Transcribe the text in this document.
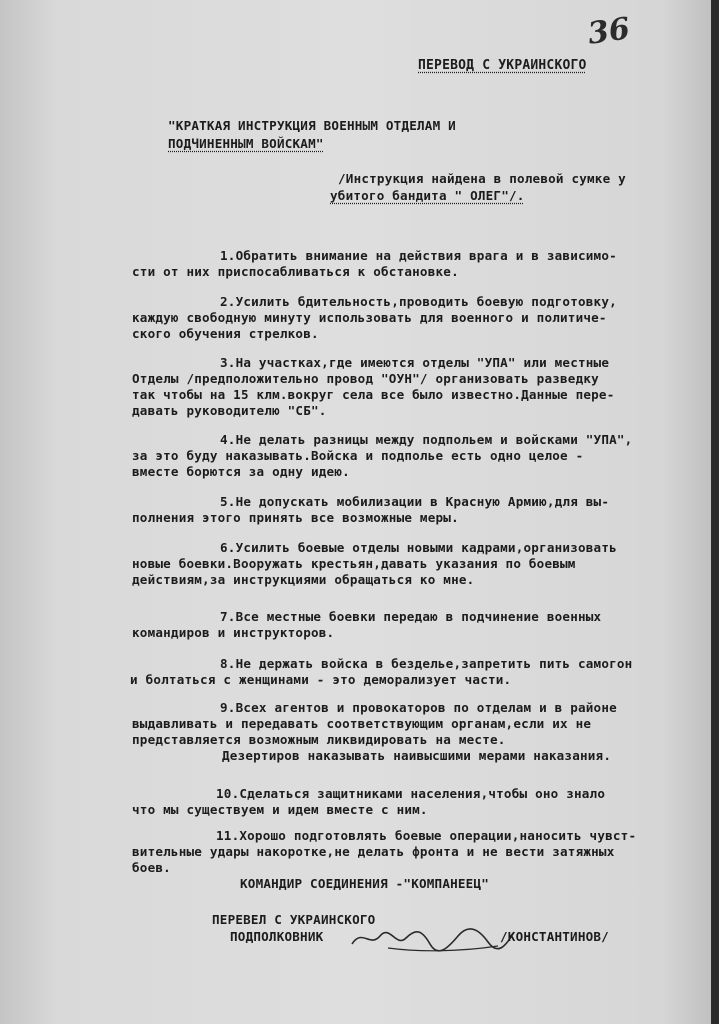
36
ПЕРЕВОД С УКРАИНСКОГО
"КРАТКАЯ ИНСТРУКЦИЯ ВОЕННЫМ ОТДЕЛАМ И
ПОДЧИНЕННЫМ ВОЙСКАМ"
/Инструкция найдена в полевой сумке у
убитого бандита " ОЛЕГ"/.
1.Обратить внимание на действия врага и в зависимо-
сти от них приспосабливаться к обстановке.
2.Усилить бдительность,проводить боевую подготовку,
каждую свободную минуту использовать для военного и политиче-
ского обучения стрелков.
3.На участках,где имеются отделы "УПА" или местные
Отделы /предположительно провод "ОУН"/ организовать разведку
так чтобы на 15 клм.вокруг села все было известно.Данные пере-
давать руководителю "СБ".
4.Не делать разницы между подпольем и войсками "УПА",
за это буду наказывать.Войска и подполье есть одно целое -
вместе борются за одну идею.
5.Не допускать мобилизации в Красную Армию,для вы-
полнения этого принять все возможные меры.
6.Усилить боевые отделы новыми кадрами,организовать
новые боевки.Вооружать крестьян,давать указания по боевым
действиям,за инструкциями обращаться ко мне.
7.Все местные боевки передаю в подчинение военных
командиров и инструкторов.
8.Не держать войска в безделье,запретить пить самогон
и болтаться с женщинами - это деморализует части.
9.Всех агентов и провокаторов по отделам и в районе
выдавливать и передавать соответствующим органам,если их не
представляется возможным ликвидировать на месте.
Дезертиров наказывать наивысшими мерами наказания.
10.Сделаться защитниками населения,чтобы оно знало
что мы существуем и идем вместе с ним.
11.Хорошо подготовлять боевые операции,наносить чувст-
вительные удары накоротке,не делать фронта и не вести затяжных
боев.
КОМАНДИР СОЕДИНЕНИЯ -"КОМПАНЕЕЦ"
ПЕРЕВЕЛ С УКРАИНСКОГО
ПОДПОЛКОВНИК	/КОНСТАНТИНОВ/
